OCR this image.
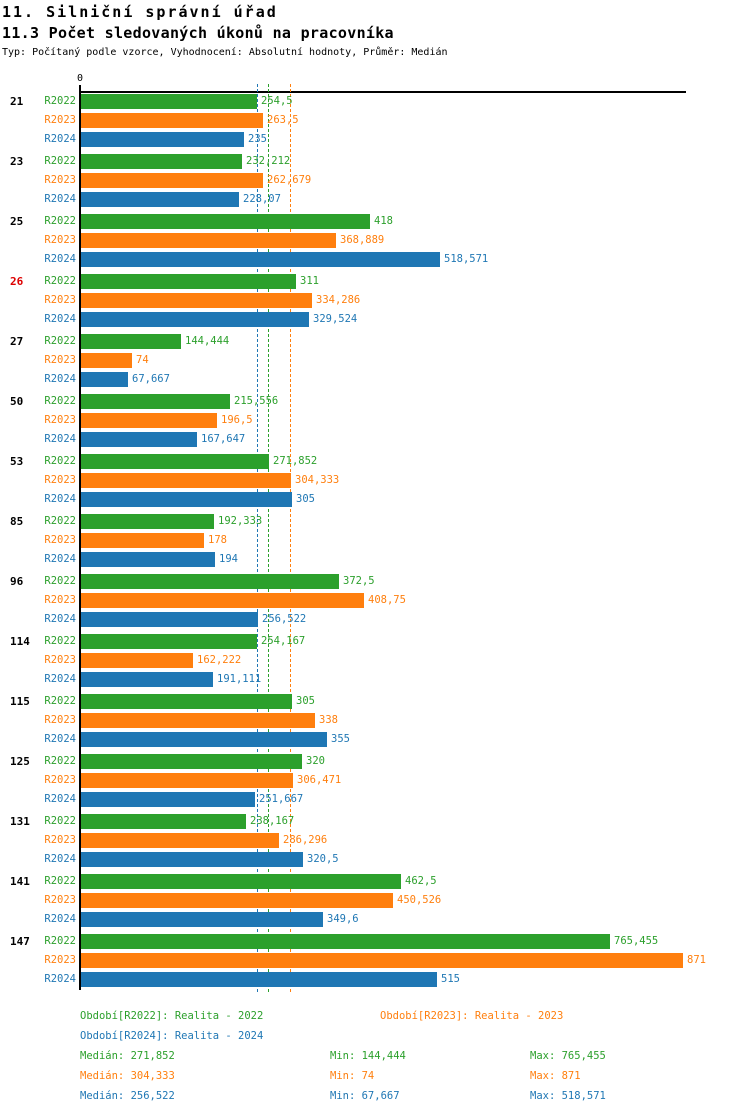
11. Silniční správní úřad
11.3 Počet sledovaných úkonů na pracovníka
Typ: Počítaný podle vzorce, Vyhodnocení: Absolutní hodnoty, Průměr: Medián
0
21	R2022	254,5
R2023	263,5
R2024	235
23	R2022	232,212
R2023	262,679
R2024	228,07
25	R2022	418
R2023	368,889
R2024	518,571
26	R2022	311
R2023	334,286
R2024	329,524
27	R2022	144,444
R2023	74
R2024	67,667
50	R2022	215,556
R2023	196,5
R2024	167,647
53	R2022	271,852
R2023	304,333
R2024	305
85	R2022	192,333
R2023	178
R2024	194
96	R2022	372,5
R2023	408,75
R2024	256,522
114	R2022	254,167
R2023	162,222
R2024	191,111
115	R2022	305
R2023	338
R2024	355
125	R2022	320
R2023	306,471
R2024	251,667
131	R2022	238,167
R2023	286,296
R2024	320,5
141	R2022	462,5
R2023	450,526
R2024	349,6
147	R2022	765,455
R2023	871
R2024	515
Období[R2022]: Realita - 2022	Období[R2023]: Realita - 2023
Období[R2024]: Realita - 2024
Medián: 271,852	Min: 144,444	Max: 765,455
Medián: 304,333	Min: 74	Max: 871
Medián: 256,522	Min: 67,667	Max: 518,571
